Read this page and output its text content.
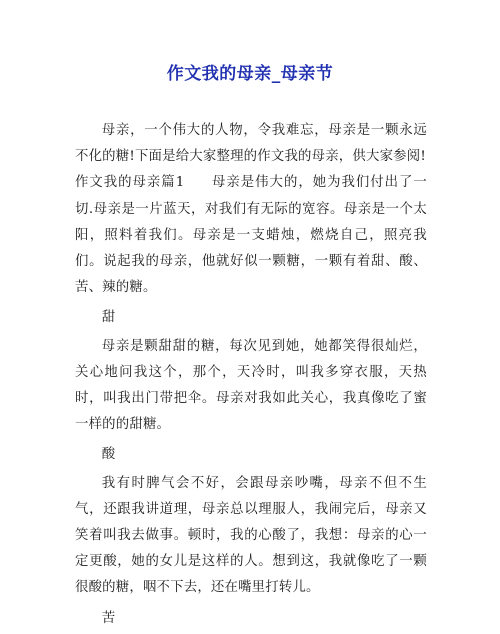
作文我的母亲_母亲节

母亲，一个伟大的人物，令我难忘，母亲是一颗永远不化的糖!下面是给大家整理的作文我的母亲，供大家参阅!

作文我的母亲篇1 母亲是伟大的，她为我们付出了一切.母亲是一片蓝天，对我们有无际的宽容。母亲是一个太阳，照料着我们。母亲是一支蜡烛，燃烧自己，照亮我们。说起我的母亲，他就好似一颗糖，一颗有着甜、酸、苦、辣的糖。

甜

母亲是颗甜甜的糖，每次见到她，她都笑得很灿烂，关心地问我这个，那个，天冷时，叫我多穿衣服，天热时，叫我出门带把伞。母亲对我如此关心，我真像吃了蜜一样的的甜糖。

酸

我有时脾气会不好，会跟母亲吵嘴，母亲不但不生气，还跟我讲道理，母亲总以理服人，我闹完后，母亲又笑着叫我去做事。顿时，我的心酸了，我想：母亲的心一定更酸，她的女儿是这样的人。想到这，我就像吃了一颗很酸的糖，咽不下去，还在嘴里打转儿。

苦
